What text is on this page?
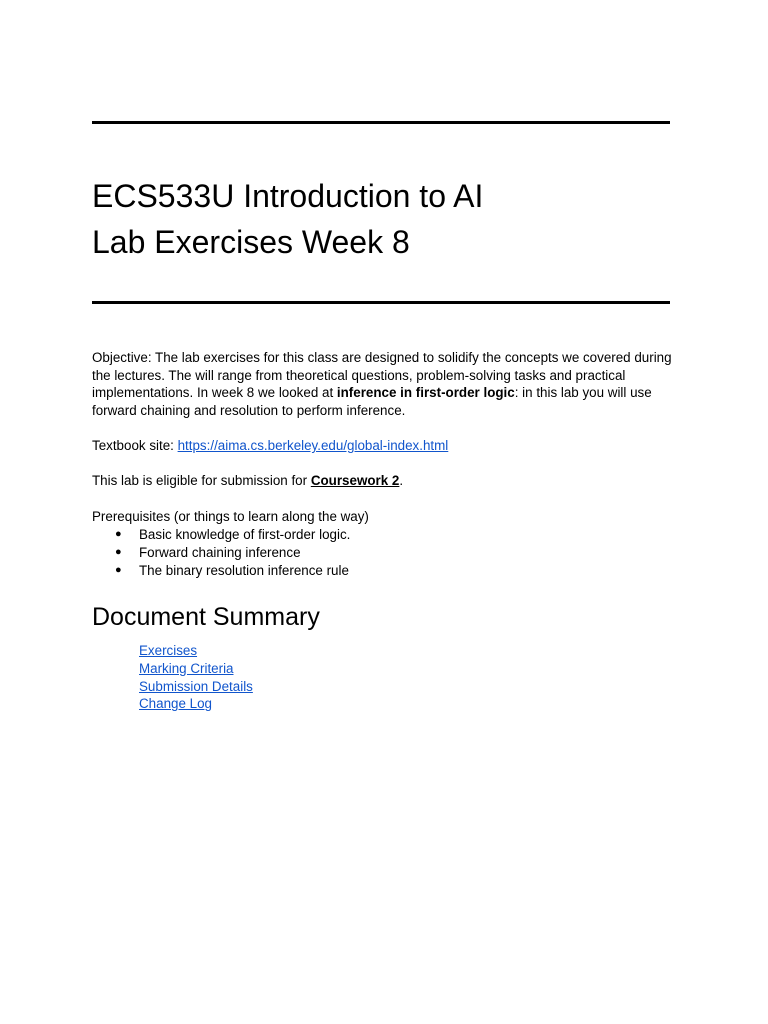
ECS533U Introduction to AI
Lab Exercises Week 8
Objective: The lab exercises for this class are designed to solidify the concepts we covered during the lectures. The will range from theoretical questions, problem-solving tasks and practical implementations. In week 8 we looked at inference in first-order logic: in this lab you will use forward chaining and resolution to perform inference.
Textbook site: https://aima.cs.berkeley.edu/global-index.html
This lab is eligible for submission for Coursework 2.
Prerequisites (or things to learn along the way)
● Basic knowledge of first-order logic.
● Forward chaining inference
● The binary resolution inference rule
Document Summary
Exercises
Marking Criteria
Submission Details
Change Log
